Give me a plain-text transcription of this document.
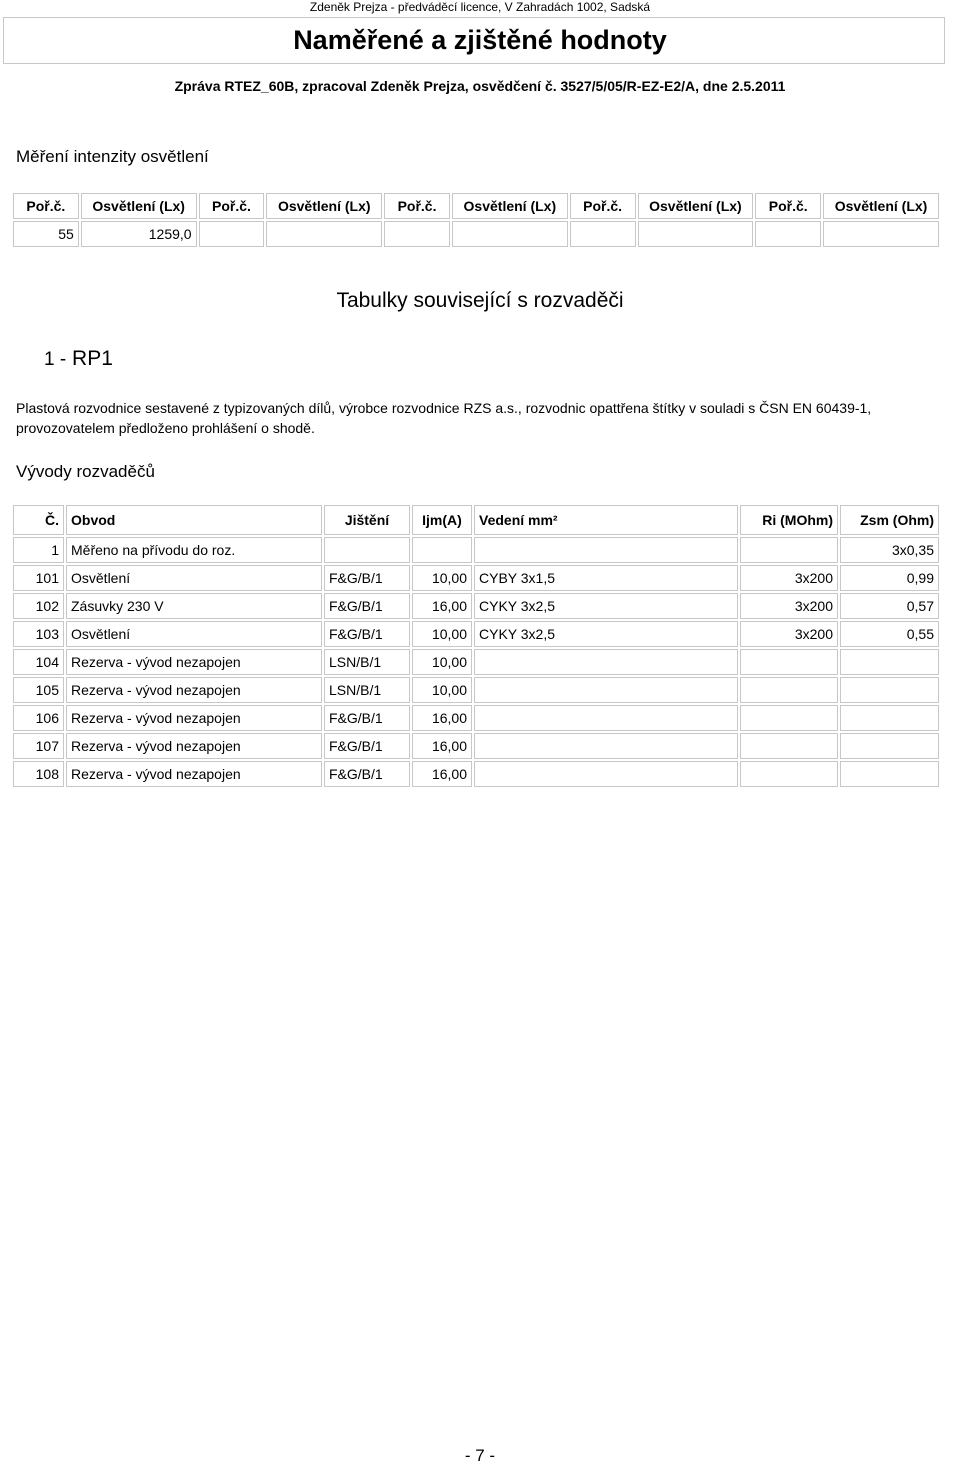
Zdeněk Prejza - předváděcí licence, V Zahradách 1002, Sadská
Naměřené a zjištěné hodnoty
Zpráva RTEZ_60B, zpracoval Zdeněk Prejza, osvědčení č. 3527/5/05/R-EZ-E2/A, dne 2.5.2011
Měření intenzity osvětlení
Poř.č.	Osvětlení (Lx)	Poř.č.	Osvětlení (Lx)	Poř.č.	Osvětlení (Lx)	Poř.č.	Osvětlení (Lx)	Poř.č.	Osvětlení (Lx)
55	1259,0								
Tabulky související s rozvaděči
1 - RP1
Plastová rozvodnice sestavené z typizovaných dílů, výrobce rozvodnice RZS a.s., rozvodnic opattřena štítky v souladi s ČSN EN 60439-1, provozovatelem předloženo prohlášení o shodě.
Vývody rozvaděčů
Č.	Obvod	Jištění	Ijm(A)	Vedení mm²	Ri (MOhm)	Zsm (Ohm)
1	Měřeno na přívodu do roz.					3x0,35
101	Osvětlení	F&G/B/1	10,00	CYBY 3x1,5	3x200	0,99
102	Zásuvky 230 V	F&G/B/1	16,00	CYKY 3x2,5	3x200	0,57
103	Osvětlení	F&G/B/1	10,00	CYKY 3x2,5	3x200	0,55
104	Rezerva - vývod nezapojen	LSN/B/1	10,00			
105	Rezerva - vývod nezapojen	LSN/B/1	10,00			
106	Rezerva - vývod nezapojen	F&G/B/1	16,00			
107	Rezerva - vývod nezapojen	F&G/B/1	16,00			
108	Rezerva - vývod nezapojen	F&G/B/1	16,00			
- 7 -
